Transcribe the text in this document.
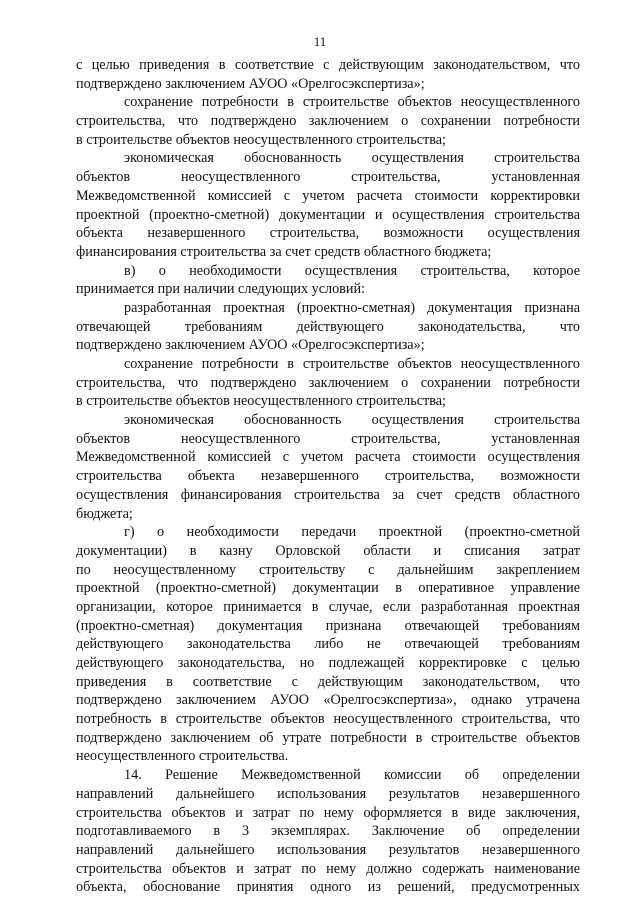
11
с целью приведения в соответствие с действующим законодательством, что
подтверждено заключением АУОО «Орелгосэкспертиза»;
сохранение потребности в строительстве объектов неосуществленного
строительства, что подтверждено заключением о сохранении потребности
в строительстве объектов неосуществленного строительства;
экономическая обоснованность осуществления строительства
объектов неосуществленного строительства, установленная
Межведомственной комиссией с учетом расчета стоимости корректировки
проектной (проектно-сметной) документации и осуществления строительства
объекта незавершенного строительства, возможности осуществления
финансирования строительства за счет средств областного бюджета;
в) о необходимости осуществления строительства, которое
принимается при наличии следующих условий:
разработанная проектная (проектно-сметная) документация признана
отвечающей требованиям действующего законодательства, что
подтверждено заключением АУОО «Орелгосэкспертиза»;
сохранение потребности в строительстве объектов неосуществленного
строительства, что подтверждено заключением о сохранении потребности
в строительстве объектов неосуществленного строительства;
экономическая обоснованность осуществления строительства
объектов неосуществленного строительства, установленная
Межведомственной комиссией с учетом расчета стоимости осуществления
строительства объекта незавершенного строительства, возможности
осуществления финансирования строительства за счет средств областного
бюджета;
г) о необходимости передачи проектной (проектно-сметной
документации) в казну Орловской области и списания затрат
по неосуществленному строительству с дальнейшим закреплением
проектной (проектно-сметной) документации в оперативное управление
организации, которое принимается в случае, если разработанная проектная
(проектно-сметная) документация признана отвечающей требованиям
действующего законодательства либо не отвечающей требованиям
действующего законодательства, но подлежащей корректировке с целью
приведения в соответствие с действующим законодательством, что
подтверждено заключением АУОО «Орелгосэкспертиза», однако утрачена
потребность в строительстве объектов неосуществленного строительства, что
подтверждено заключением об утрате потребности в строительстве объектов
неосуществленного строительства.
14. Решение Межведомственной комиссии об определении
направлений дальнейшего использования результатов незавершенного
строительства объектов и затрат по нему оформляется в виде заключения,
подготавливаемого в 3 экземплярах. Заключение об определении
направлений дальнейшего использования результатов незавершенного
строительства объектов и затрат по нему должно содержать наименование
объекта, обоснование принятия одного из решений, предусмотренных
